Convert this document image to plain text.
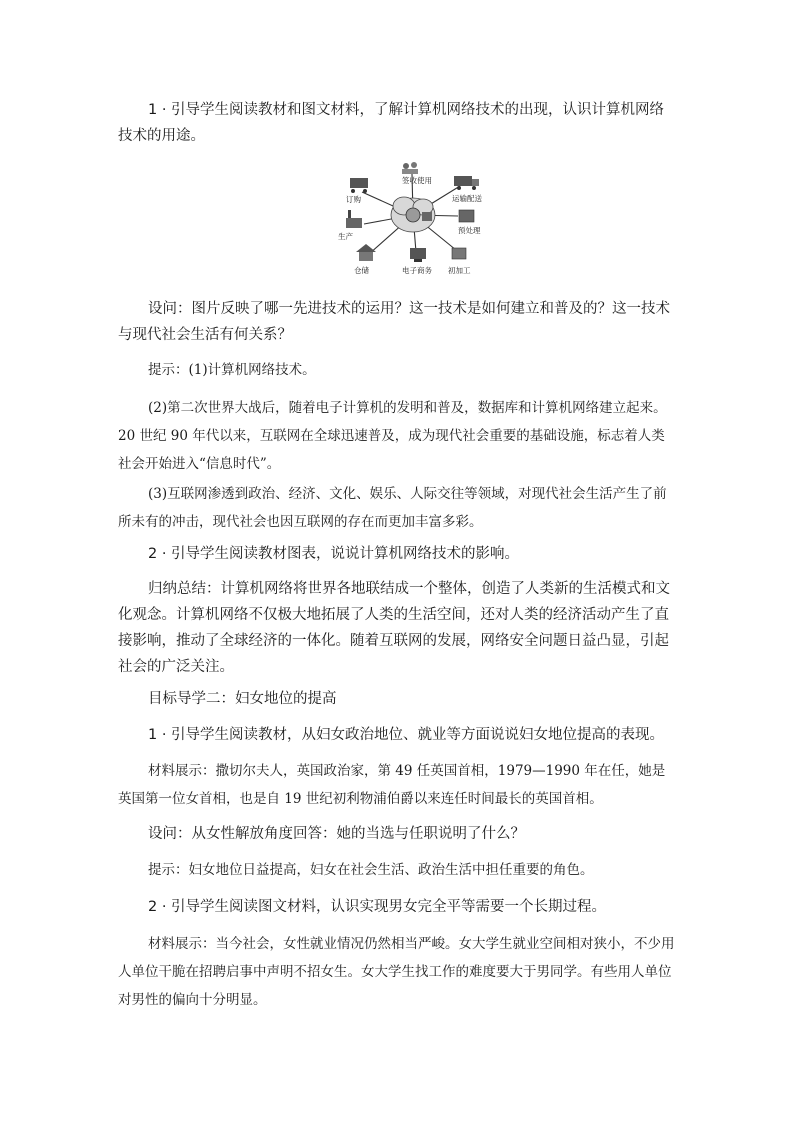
1 · 引导学生阅读教材和图文材料，了解计算机网络技术的出现，认识计算机网络技术的用途。

订购
签收使用
运输配送
预处理
生产
仓储	电子商务 初加工

设问：图片反映了哪一先进技术的运用？这一技术是如何建立和普及的？这一技术与现代社会生活有何关系？

提示：(1)计算机网络技术。

(2)第二次世界大战后，随着电子计算机的发明和普及，数据库和计算机网络建立起来。20 世纪 90 年代以来，互联网在全球迅速普及，成为现代社会重要的基础设施，标志着人类社会开始进入“信息时代”。

(3)互联网渗透到政治、经济、文化、娱乐、人际交往等领域，对现代社会生活产生了前所未有的冲击，现代社会也因互联网的存在而更加丰富多彩。

2 · 引导学生阅读教材图表，说说计算机网络技术的影响。

归纳总结：计算机网络将世界各地联结成一个整体，创造了人类新的生活模式和文化观念。计算机网络不仅极大地拓展了人类的生活空间，还对人类的经济活动产生了直接影响，推动了全球经济的一体化。随着互联网的发展，网络安全问题日益凸显，引起社会的广泛关注。

目标导学二：妇女地位的提高

1 · 引导学生阅读教材，从妇女政治地位、就业等方面说说妇女地位提高的表现。

材料展示：撒切尔夫人，英国政治家，第 49 任英国首相，1979—1990 年在任，她是英国第一位女首相，也是自 19 世纪初利物浦伯爵以来连任时间最长的英国首相。

设问：从女性解放角度回答：她的当选与任职说明了什么？

提示：妇女地位日益提高，妇女在社会生活、政治生活中担任重要的角色。

2 · 引导学生阅读图文材料，认识实现男女完全平等需要一个长期过程。

材料展示：当今社会，女性就业情况仍然相当严峻。女大学生就业空间相对狭小，不少用人单位干脆在招聘启事中声明不招女生。女大学生找工作的难度要大于男同学。有些用人单位对男性的偏向十分明显。
